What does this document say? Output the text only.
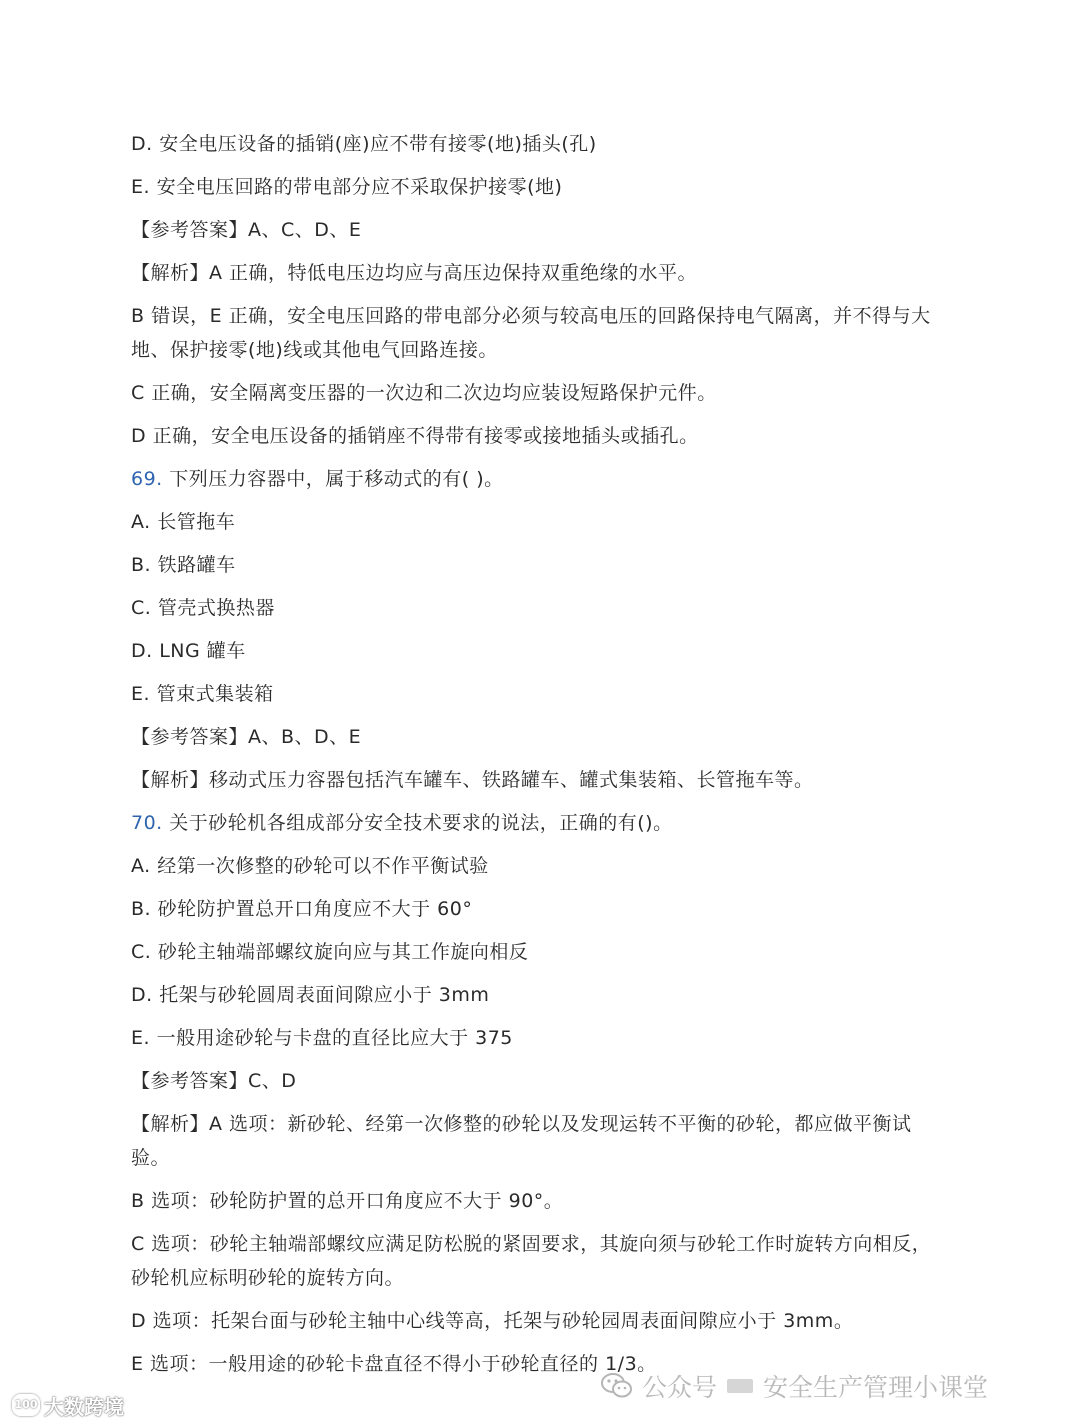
D. 安全电压设备的插销(座)应不带有接零(地)插头(孔)
E. 安全电压回路的带电部分应不采取保护接零(地)
【参考答案】A、C、D、E
【解析】A 正确，特低电压边均应与高压边保持双重绝缘的水平。
B 错误，E 正确，安全电压回路的带电部分必须与较高电压的回路保持电气隔离，并不得与大
地、保护接零(地)线或其他电气回路连接。
C 正确，安全隔离变压器的一次边和二次边均应装设短路保护元件。
D 正确，安全电压设备的插销座不得带有接零或接地插头或插孔。
69. 下列压力容器中，属于移动式的有( )。
A. 长管拖车
B. 铁路罐车
C. 管壳式换热器
D. LNG 罐车
E. 管束式集装箱
【参考答案】A、B、D、E
【解析】移动式压力容器包括汽车罐车、铁路罐车、罐式集装箱、长管拖车等。
70. 关于砂轮机各组成部分安全技术要求的说法，正确的有()。
A. 经第一次修整的砂轮可以不作平衡试验
B. 砂轮防护置总开口角度应不大于 60°
C. 砂轮主轴端部螺纹旋向应与其工作旋向相反
D. 托架与砂轮圆周表面间隙应小于 3mm
E. 一般用途砂轮与卡盘的直径比应大于 375
【参考答案】C、D
【解析】A 选项：新砂轮、经第一次修整的砂轮以及发现运转不平衡的砂轮，都应做平衡试
验。
B 选项：砂轮防护置的总开口角度应不大于 90°。
C 选项：砂轮主轴端部螺纹应满足防松脱的紧固要求，其旋向须与砂轮工作时旋转方向相反，
砂轮机应标明砂轮的旋转方向。
D 选项：托架台面与砂轮主轴中心线等高，托架与砂轮园周表面间隙应小于 3mm。
E 选项：一般用途的砂轮卡盘直径不得小于砂轮直径的 1/3。
公众号 安全生产管理小课堂
100 大数跨境
